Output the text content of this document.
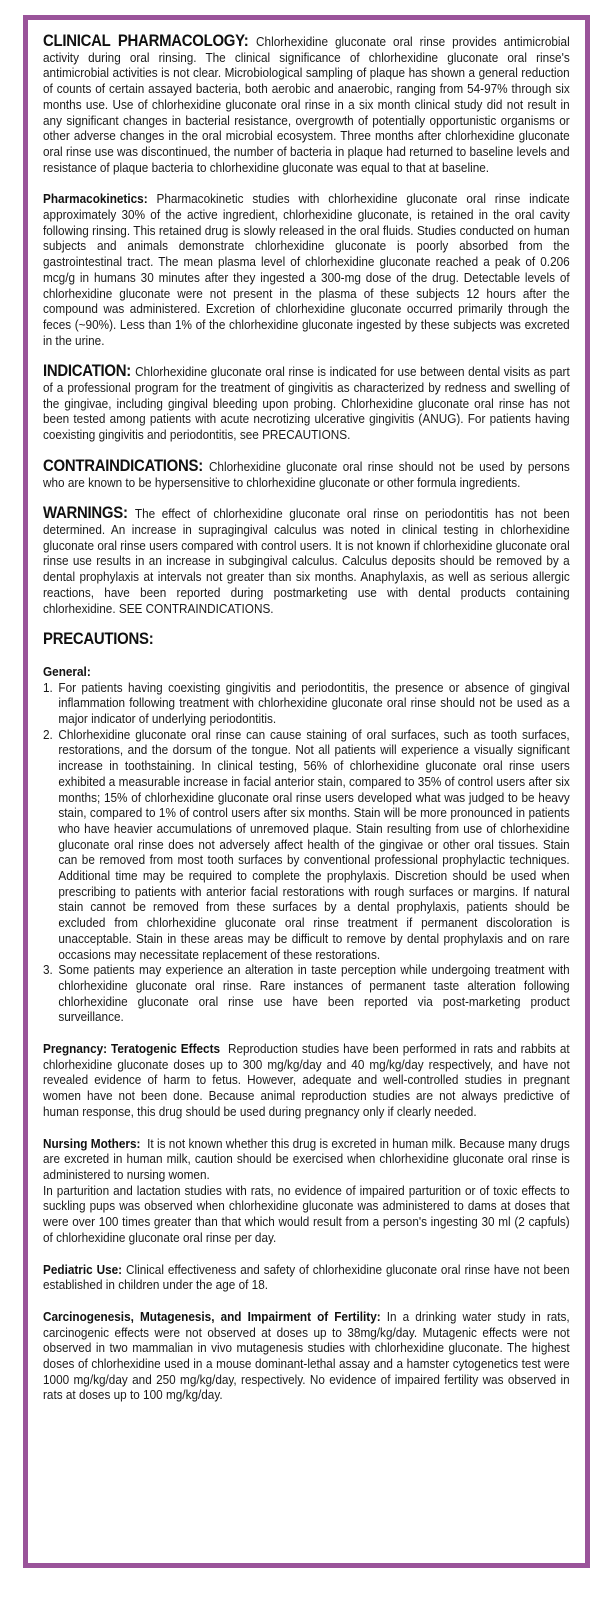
CLINICAL PHARMACOLOGY: Chlorhexidine gluconate oral rinse provides antimicrobial activity during oral rinsing. The clinical significance of chlorhexidine gluconate oral rinse's antimicrobial activities is not clear. Microbiological sampling of plaque has shown a general reduction of counts of certain assayed bacteria, both aerobic and anaerobic, ranging from 54-97% through six months use. Use of chlorhexidine gluconate oral rinse in a six month clinical study did not result in any significant changes in bacterial resistance, overgrowth of potentially opportunistic organisms or other adverse changes in the oral microbial ecosystem. Three months after chlorhexidine gluconate oral rinse use was discontinued, the number of bacteria in plaque had returned to baseline levels and resistance of plaque bacteria to chlorhexidine gluconate was equal to that at baseline.

Pharmacokinetics: Pharmacokinetic studies with chlorhexidine gluconate oral rinse indicate approximately 30% of the active ingredient, chlorhexidine gluconate, is retained in the oral cavity following rinsing. This retained drug is slowly released in the oral fluids. Studies conducted on human subjects and animals demonstrate chlorhexidine gluconate is poorly absorbed from the gastrointestinal tract. The mean plasma level of chlorhexidine gluconate reached a peak of 0.206 mcg/g in humans 30 minutes after they ingested a 300-mg dose of the drug. Detectable levels of chlorhexidine gluconate were not present in the plasma of these subjects 12 hours after the compound was administered. Excretion of chlorhexidine gluconate occurred primarily through the feces (~90%). Less than 1% of the chlorhexidine gluconate ingested by these subjects was excreted in the urine.

INDICATION: Chlorhexidine gluconate oral rinse is indicated for use between dental visits as part of a professional program for the treatment of gingivitis as characterized by redness and swelling of the gingivae, including gingival bleeding upon probing. Chlorhexidine gluconate oral rinse has not been tested among patients with acute necrotizing ulcerative gingivitis (ANUG). For patients having coexisting gingivitis and periodontitis, see PRECAUTIONS.

CONTRAINDICATIONS: Chlorhexidine gluconate oral rinse should not be used by persons who are known to be hypersensitive to chlorhexidine gluconate or other formula ingredients.

WARNINGS: The effect of chlorhexidine gluconate oral rinse on periodontitis has not been determined. An increase in supragingival calculus was noted in clinical testing in chlorhexidine gluconate oral rinse users compared with control users. It is not known if chlorhexidine gluconate oral rinse use results in an increase in subgingival calculus. Calculus deposits should be removed by a dental prophylaxis at intervals not greater than six months. Anaphylaxis, as well as serious allergic reactions, have been reported during postmarketing use with dental products containing chlorhexidine. SEE CONTRAINDICATIONS.

PRECAUTIONS:

General:
1. For patients having coexisting gingivitis and periodontitis, the presence or absence of gingival inflammation following treatment with chlorhexidine gluconate oral rinse should not be used as a major indicator of underlying periodontitis.
2. Chlorhexidine gluconate oral rinse can cause staining of oral surfaces, such as tooth surfaces, restorations, and the dorsum of the tongue. Not all patients will experience a visually significant increase in toothstaining. In clinical testing, 56% of chlorhexidine gluconate oral rinse users exhibited a measurable increase in facial anterior stain, compared to 35% of control users after six months; 15% of chlorhexidine gluconate oral rinse users developed what was judged to be heavy stain, compared to 1% of control users after six months. Stain will be more pronounced in patients who have heavier accumulations of unremoved plaque. Stain resulting from use of chlorhexidine gluconate oral rinse does not adversely affect health of the gingivae or other oral tissues. Stain can be removed from most tooth surfaces by conventional professional prophylactic techniques. Additional time may be required to complete the prophylaxis. Discretion should be used when prescribing to patients with anterior facial restorations with rough surfaces or margins. If natural stain cannot be removed from these surfaces by a dental prophylaxis, patients should be excluded from chlorhexidine gluconate oral rinse treatment if permanent discoloration is unacceptable. Stain in these areas may be difficult to remove by dental prophylaxis and on rare occasions may necessitate replacement of these restorations.
3. Some patients may experience an alteration in taste perception while undergoing treatment with chlorhexidine gluconate oral rinse. Rare instances of permanent taste alteration following chlorhexidine gluconate oral rinse use have been reported via post-marketing product surveillance.

Pregnancy: Teratogenic Effects  Reproduction studies have been performed in rats and rabbits at chlorhexidine gluconate doses up to 300 mg/kg/day and 40 mg/kg/day respectively, and have not revealed evidence of harm to fetus. However, adequate and well-controlled studies in pregnant women have not been done. Because animal reproduction studies are not always predictive of human response, this drug should be used during pregnancy only if clearly needed.

Nursing Mothers:  It is not known whether this drug is excreted in human milk. Because many drugs are excreted in human milk, caution should be exercised when chlorhexidine gluconate oral rinse is administered to nursing women.

In parturition and lactation studies with rats, no evidence of impaired parturition or of toxic effects to suckling pups was observed when chlorhexidine gluconate was administered to dams at doses that were over 100 times greater than that which would result from a person's ingesting 30 ml (2 capfuls) of chlorhexidine gluconate oral rinse per day.

Pediatric Use: Clinical effectiveness and safety of chlorhexidine gluconate oral rinse have not been established in children under the age of 18.

Carcinogenesis, Mutagenesis, and Impairment of Fertility: In a drinking water study in rats, carcinogenic effects were not observed at doses up to 38mg/kg/day. Mutagenic effects were not observed in two mammalian in vivo mutagenesis studies with chlorhexidine gluconate. The highest doses of chlorhexidine used in a mouse dominant-lethal assay and a hamster cytogenetics test were 1000 mg/kg/day and 250 mg/kg/day, respectively. No evidence of impaired fertility was observed in rats at doses up to 100 mg/kg/day.
